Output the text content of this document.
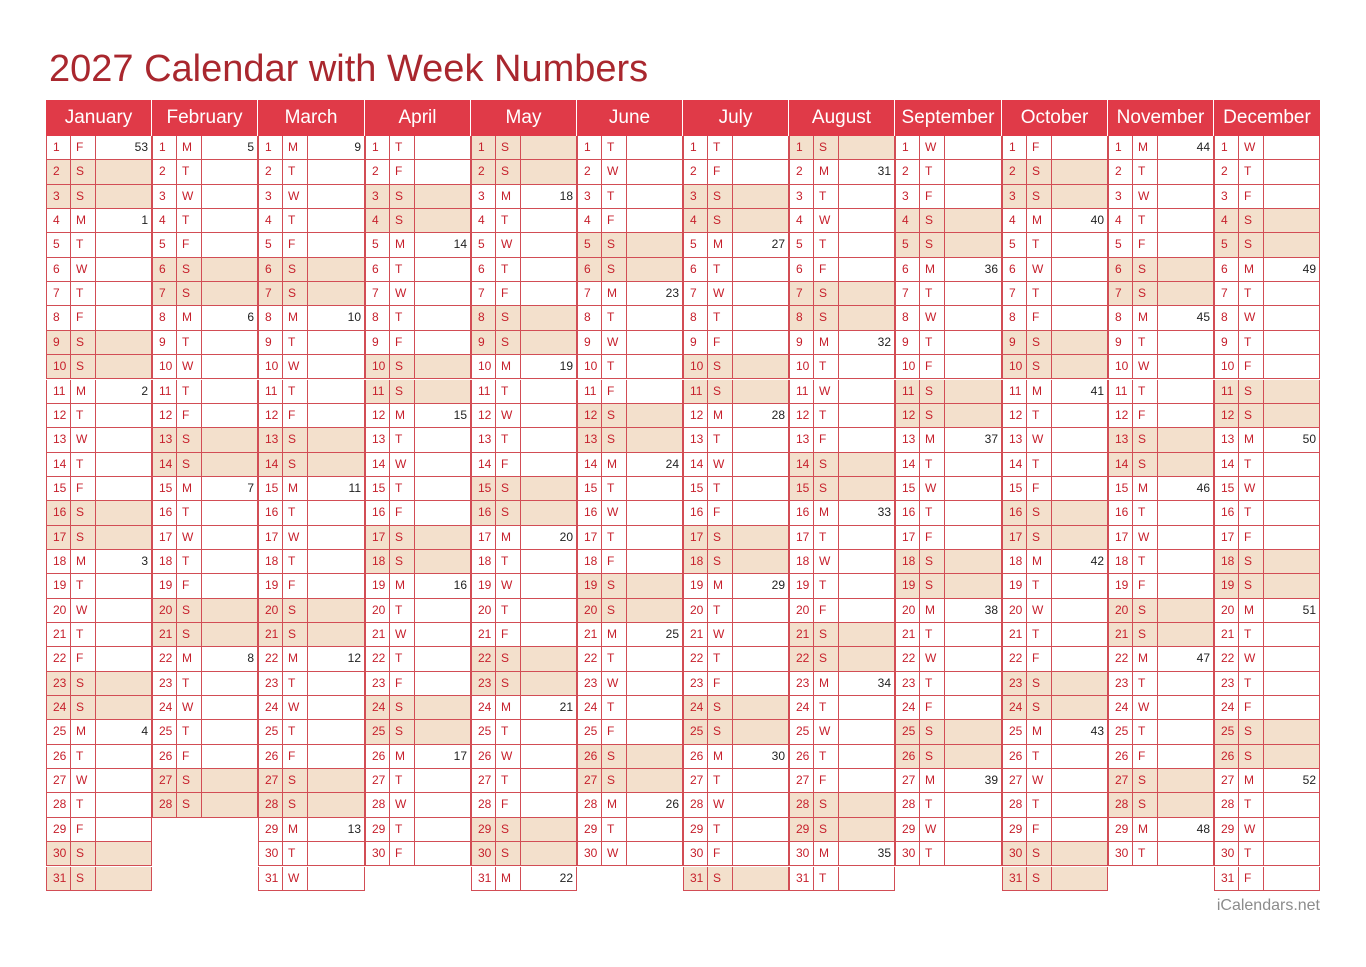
2027 Calendar with Week Numbers
January
1	F	53
2	S
3	S
4	M	1
5	T
6	W
7	T
8	F
9	S
10 S
11 M	2
12 T
13 W
14 T
15 F
16 S
17 S
18 M	3
19 T
20 W
21 T
22 F
23 S
24 S
25 M	4
26 T
27 W
28 T
29 F
30 S
31 S
February
1	M	5
2	T
3	W
4	T
5	F
6	S
7	S
8	M	6
9	T
10 W
11 T
12 F
13 S
14 S
15 M	7
16 T
17 W
18 T
19 F
20 S
21 S
22 M	8
23 T
24 W
25 T
26 F
27 S
28 S
March
1	M	9
2	T
3	W
4	T
5	F
6	S
7	S
8	M	10
9	T
10 W
11 T
12 F
13 S
14 S
15 M	11
16 T
17 W
18 T
19 F
20 S
21 S
22 M	12
23 T
24 W
25 T
26 F
27 S
28 S
29 M	13
30 T
31 W
April
1	T
2	F
3	S
4	S
5	M	14
6	T
7	W
8	T
9	F
10 S
11 S
12 M	15
13 T
14 W
15 T
16 F
17 S
18 S
19 M	16
20 T
21 W
22 T
23 F
24 S
25 S
26 M	17
27 T
28 W
29 T
30 F
May
1	S
2	S
3	M	18
4	T
5	W
6	T
7	F
8	S
9	S
10 M	19
11 T
12 W
13 T
14 F
15 S
16 S
17 M	20
18 T
19 W
20 T
21 F
22 S
23 S
24 M	21
25 T
26 W
27 T
28 F
29 S
30 S
31 M	22
June
1	T
2	W
3	T
4	F
5	S
6	S
7	M	23
8	T
9	W
10 T
11 F
12 S
13 S
14 M	24
15 T
16 W
17 T
18 F
19 S
20 S
21 M	25
22 T
23 W
24 T
25 F
26 S
27 S
28 M	26
29 T
30 W
July
1	T
2	F
3	S
4	S
5	M	27
6	T
7	W
8	T
9	F
10 S
11 S
12 M	28
13 T
14 W
15 T
16 F
17 S
18 S
19 M	29
20 T
21 W
22 T
23 F
24 S
25 S
26 M	30
27 T
28 W
29 T
30 F
31 S
August
1	S
2	M	31
3	T
4	W
5	T
6	F
7	S
8	S
9	M	32
10 T
11 W
12 T
13 F
14 S
15 S
16 M	33
17 T
18 W
19 T
20 F
21 S
22 S
23 M	34
24 T
25 W
26 T
27 F
28 S
29 S
30 M	35
31 T
September
1	W
2	T
3	F
4	S
5	S
6	M	36
7	T
8	W
9	T
10 F
11 S
12 S
13 M	37
14 T
15 W
16 T
17 F
18 S
19 S
20 M	38
21 T
22 W
23 T
24 F
25 S
26 S
27 M	39
28 T
29 W
30 T
October
1	F
2	S
3	S
4	M	40
5	T
6	W
7	T
8	F
9	S
10 S
11 M	41
12 T
13 W
14 T
15 F
16 S
17 S
18 M	42
19 T
20 W
21 T
22 F
23 S
24 S
25 M	43
26 T
27 W
28 T
29 F
30 S
31 S
November
1	M	44
2	T
3	W
4	T
5	F
6	S
7	S
8	M	45
9	T
10 W
11 T
12 F
13 S
14 S
15 M	46
16 T
17 W
18 T
19 F
20 S
21 S
22 M	47
23 T
24 W
25 T
26 F
27 S
28 S
29 M	48
30 T
December
1	W
2	T
3	F
4	S
5	S
6	M	49
7	T
8	W
9	T
10 F
11 S
12 S
13 M	50
14 T
15 W
16 T
17 F
18 S
19 S
20 M	51
21 T
22 W
23 T
24 F
25 S
26 S
27 M	52
28 T
29 W
30 T
31 F
iCalendars.net
